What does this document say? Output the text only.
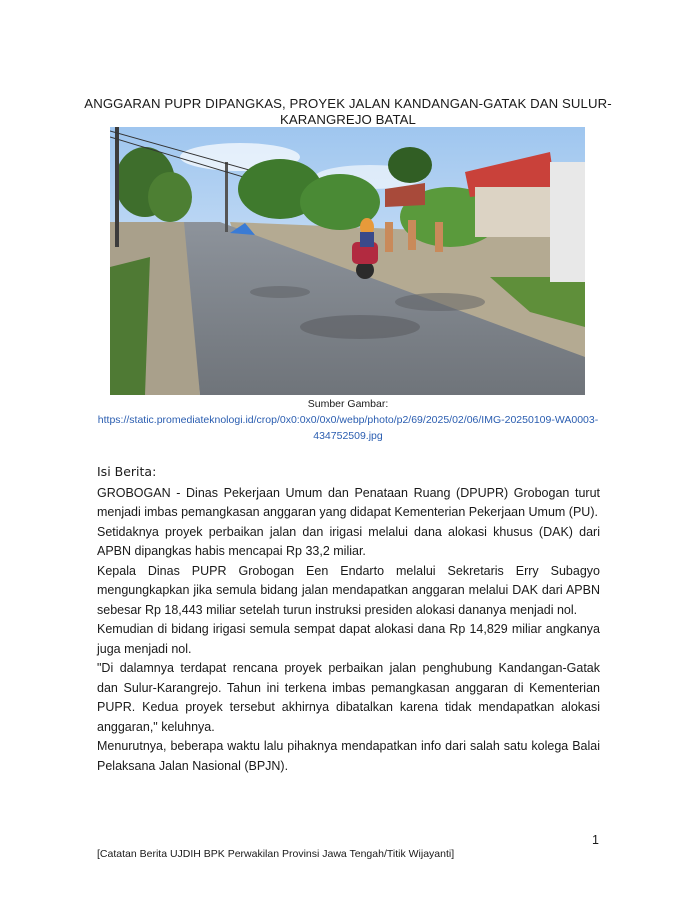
ANGGARAN PUPR DIPANGKAS, PROYEK JALAN KANDANGAN-GATAK DAN SULUR-KARANGREJO BATAL
Sumber Gambar:
https://static.promediateknologi.id/crop/0x0:0x0/0x0/webp/photo/p2/69/2025/02/06/IMG-20250109-WA0003-434752509.jpg
Isi Berita:

GROBOGAN - Dinas Pekerjaan Umum dan Penataan Ruang (DPUPR) Grobogan turut menjadi imbas pemangkasan anggaran yang didapat Kementerian Pekerjaan Umum (PU).

Setidaknya proyek perbaikan jalan dan irigasi melalui dana alokasi khusus (DAK) dari APBN dipangkas habis mencapai Rp 33,2 miliar.

Kepala Dinas PUPR Grobogan Een Endarto melalui Sekretaris Erry Subagyo mengungkapkan jika semula bidang jalan mendapatkan anggaran melalui DAK dari APBN sebesar Rp 18,443 miliar setelah turun instruksi presiden alokasi dananya menjadi nol.

Kemudian di bidang irigasi semula sempat dapat alokasi dana Rp 14,829 miliar angkanya juga menjadi nol.

"Di dalamnya terdapat rencana proyek perbaikan jalan penghubung Kandangan-Gatak dan Sulur-Karangrejo. Tahun ini terkena imbas pemangkasan anggaran di Kementerian PUPR. Kedua proyek tersebut akhirnya dibatalkan karena tidak mendapatkan alokasi anggaran," keluhnya.

Menurutnya, beberapa waktu lalu pihaknya mendapatkan info dari salah satu kolega Balai Pelaksana Jalan Nasional (BPJN).

1
[Catatan Berita UJDIH BPK Perwakilan Provinsi Jawa Tengah/Titik Wijayanti]
